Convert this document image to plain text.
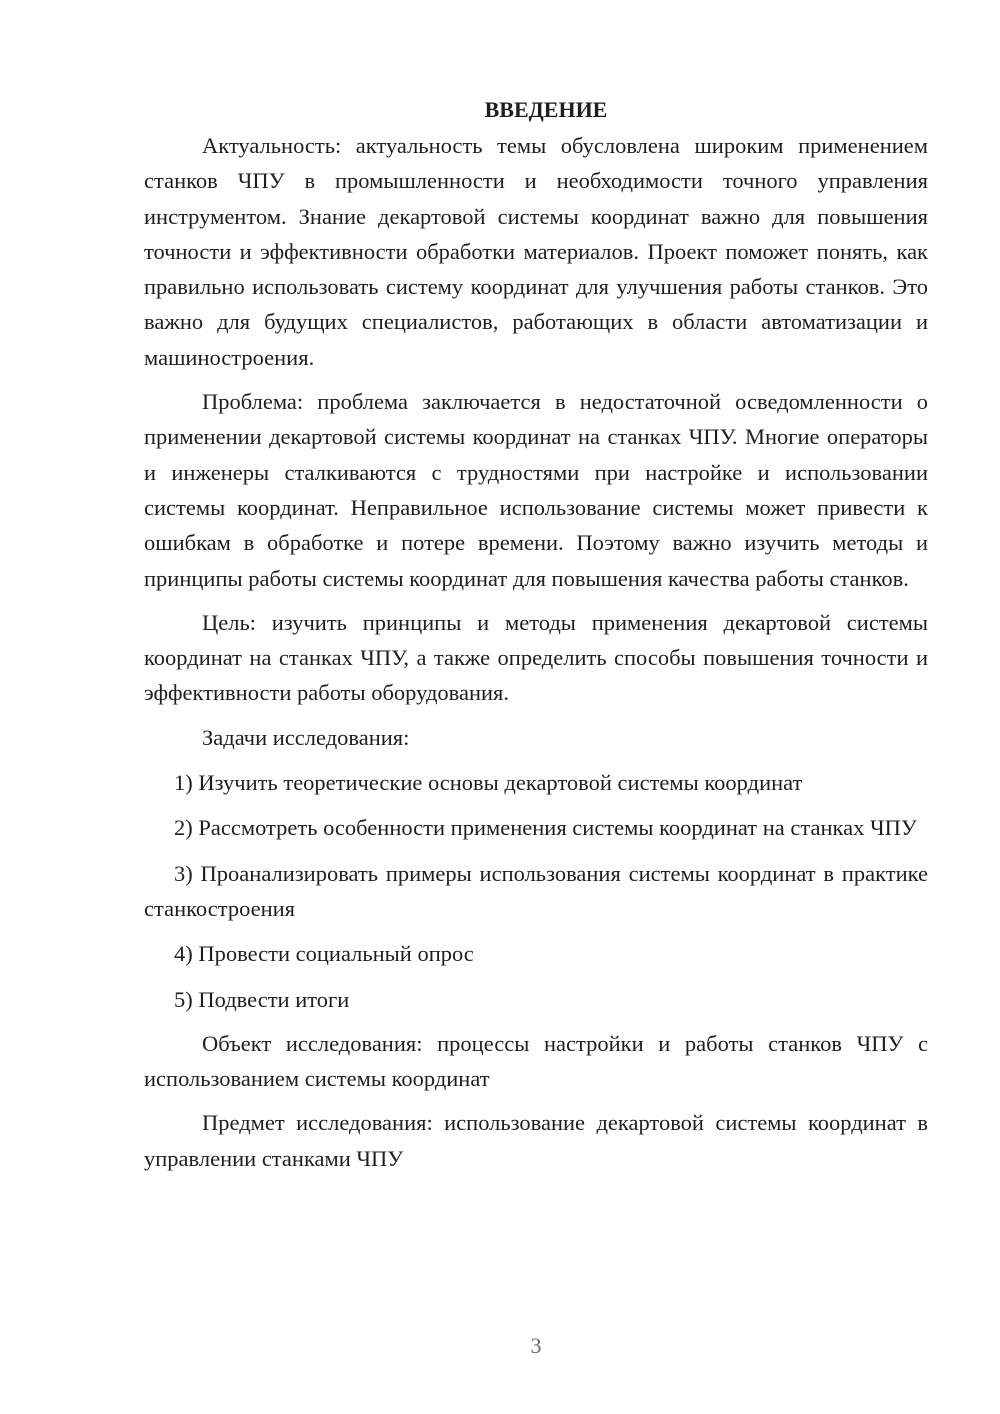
ВВЕДЕНИЕ

Актуальность: актуальность темы обусловлена широким применением станков ЧПУ в промышленности и необходимости точного управления инструментом. Знание декартовой системы координат важно для повышения точности и эффективности обработки материалов. Проект поможет понять, как правильно использовать систему координат для улучшения работы станков. Это важно для будущих специалистов, работающих в области автоматизации и машиностроения.

Проблема: проблема заключается в недостаточной осведомленности о применении декартовой системы координат на станках ЧПУ. Многие операторы и инженеры сталкиваются с трудностями при настройке и использовании системы координат. Неправильное использование системы может привести к ошибкам в обработке и потере времени. Поэтому важно изучить методы и принципы работы системы координат для повышения качества работы станков.

Цель: изучить принципы и методы применения декартовой системы координат на станках ЧПУ, а также определить способы повышения точности и эффективности работы оборудования.

Задачи исследования:

1) Изучить теоретические основы декартовой системы координат

2) Рассмотреть особенности применения системы координат на станках ЧПУ

3) Проанализировать примеры использования системы координат в практике станкостроения

4) Провести социальный опрос

5) Подвести итоги

Объект исследования: процессы настройки и работы станков ЧПУ с использованием системы координат

Предмет исследования: использование декартовой системы координат в управлении станками ЧПУ

3
